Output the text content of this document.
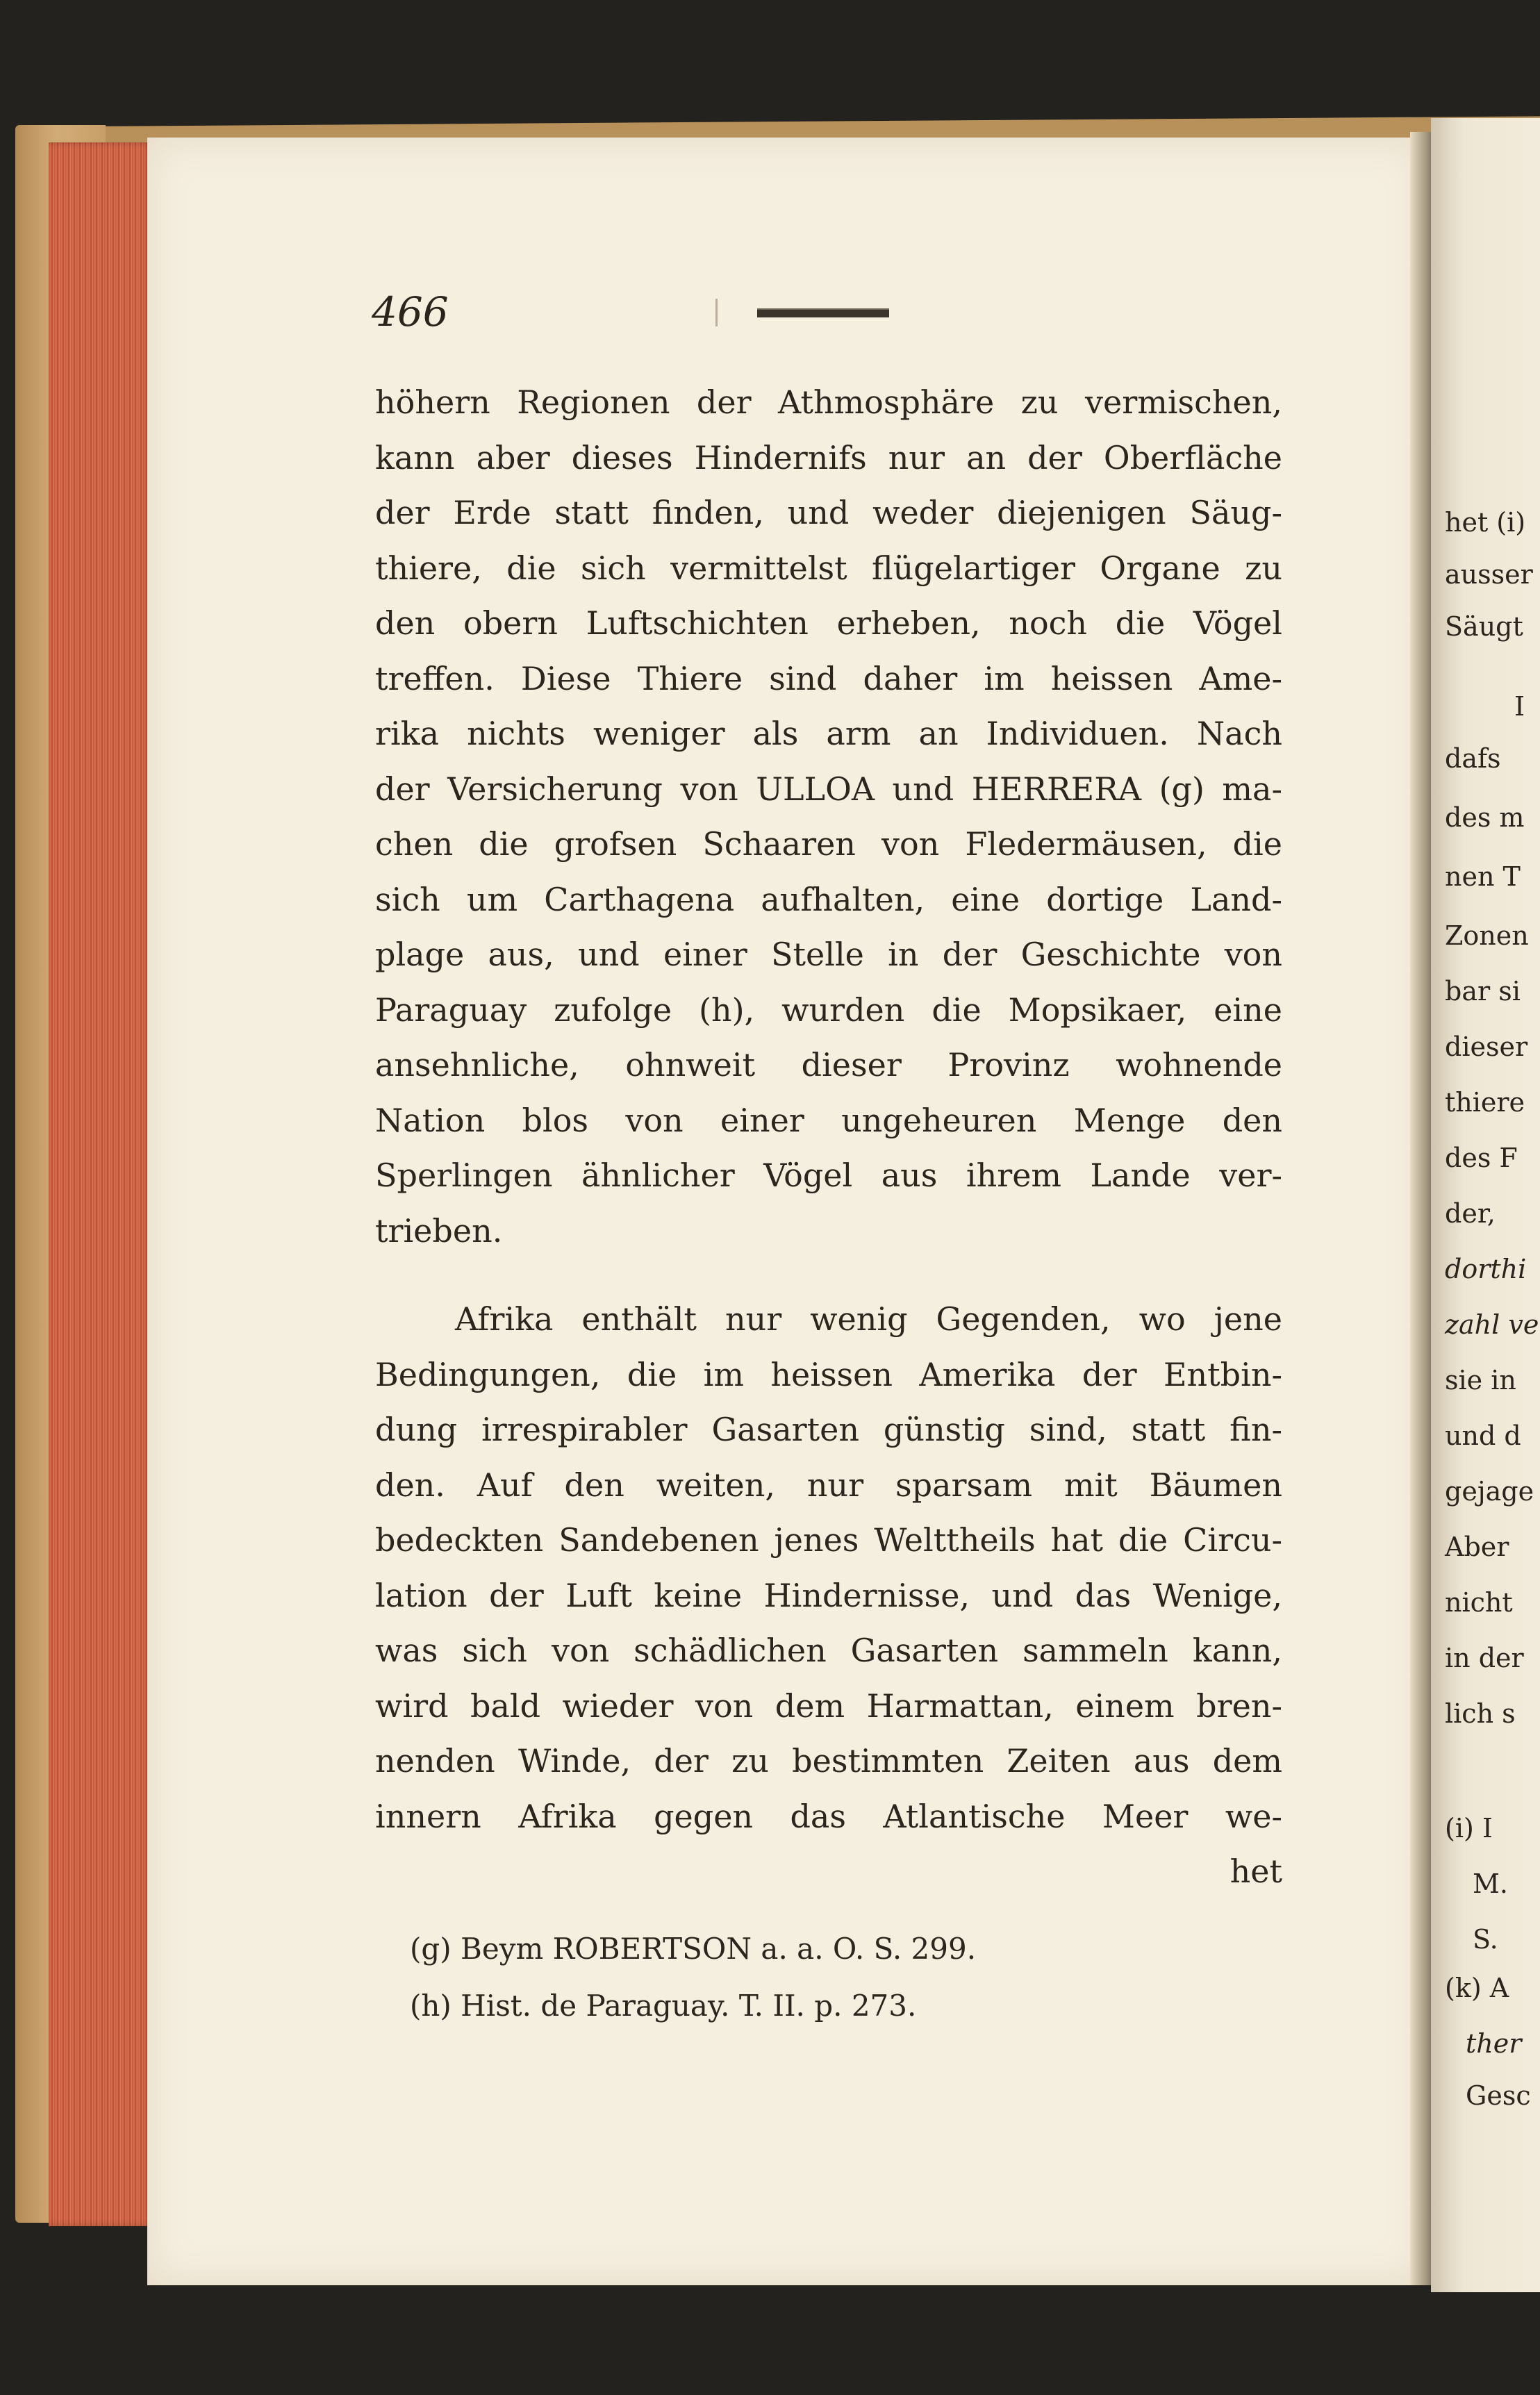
het (i)
ausser
Säugt
I
dafs
des m
nen T
Zonen
bar si
dieser
thiere
des F
der,
dorthi
zahl ve
sie in
und d
gejage
Aber
nicht
in der
lich s
(i) I
M.
S.
(k) A
ther
Gesc
466
höhern Regionen der Athmosphäre zu vermischen,
kann aber dieses Hindernifs nur an der Oberfläche
der Erde statt finden, und weder diejenigen Säug-
thiere, die sich vermittelst flügelartiger Organe zu
den obern Luftschichten erheben, noch die Vögel
treffen. Diese Thiere sind daher im heissen Ame-
rika nichts weniger als arm an Individuen. Nach
der Versicherung von ULLOA und HERRERA (g) ma-
chen die grofsen Schaaren von Fledermäusen, die
sich um Carthagena aufhalten, eine dortige Land-
plage aus, und einer Stelle in der Geschichte von
Paraguay zufolge (h), wurden die Mopsikaer, eine
ansehnliche, ohnweit dieser Provinz wohnende
Nation blos von einer ungeheuren Menge den
Sperlingen ähnlicher Vögel aus ihrem Lande ver-
trieben.
Afrika enthält nur wenig Gegenden, wo jene
Bedingungen, die im heissen Amerika der Entbin-
dung irrespirabler Gasarten günstig sind, statt fin-
den. Auf den weiten, nur sparsam mit Bäumen
bedeckten Sandebenen jenes Welttheils hat die Circu-
lation der Luft keine Hindernisse, und das Wenige,
was sich von schädlichen Gasarten sammeln kann,
wird bald wieder von dem Harmattan, einem bren-
nenden Winde, der zu bestimmten Zeiten aus dem
innern Afrika gegen das Atlantische Meer we-
het
(g) Beym ROBERTSON a. a. O. S. 299.
(h) Hist. de Paraguay. T. II. p. 273.
